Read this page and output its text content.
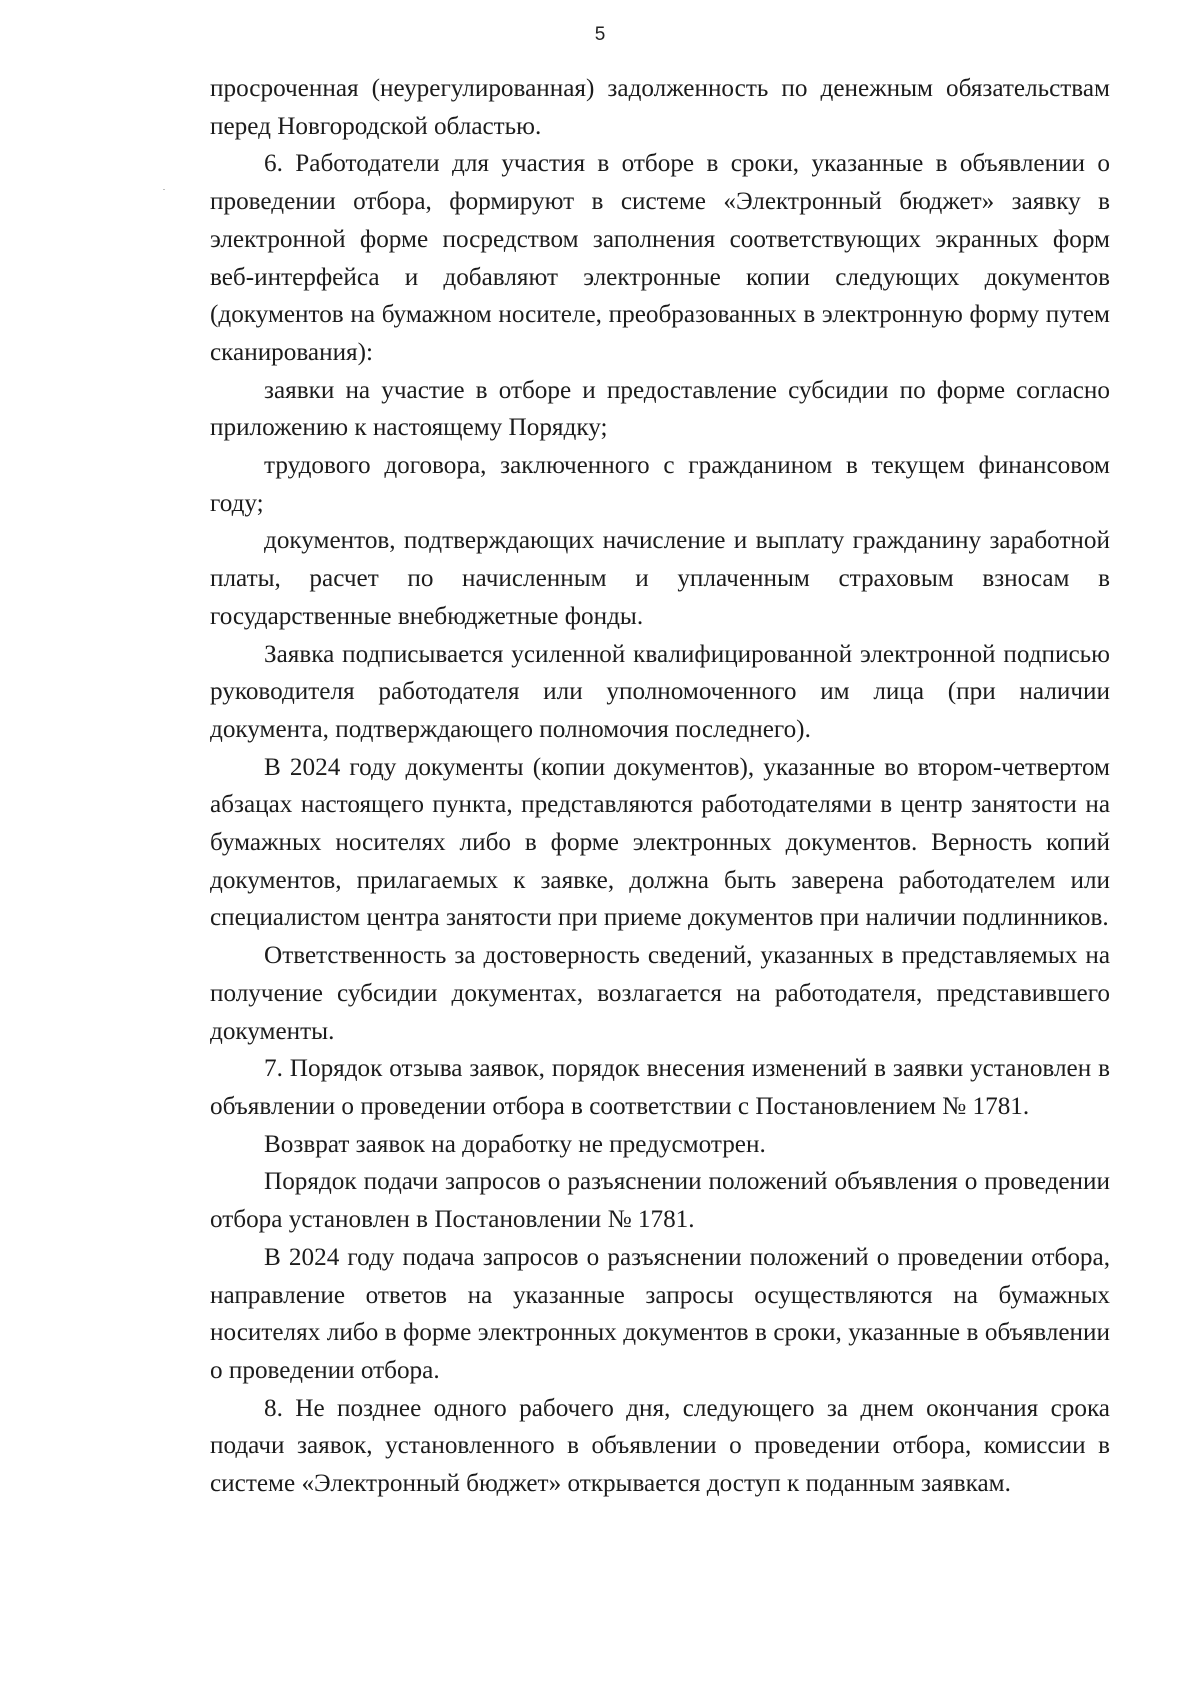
5

просроченная (неурегулированная) задолженность по денежным обязательствам перед Новгородской областью.

6. Работодатели для участия в отборе в сроки, указанные в объявлении о проведении отбора, формируют в системе «Электронный бюджет» заявку в электронной форме посредством заполнения соответствующих экранных форм веб-интерфейса и добавляют электронные копии следующих документов (документов на бумажном носителе, преобразованных в электронную форму путем сканирования):

заявки на участие в отборе и предоставление субсидии по форме согласно приложению к настоящему Порядку;

трудового договора, заключенного с гражданином в текущем финансовом году;

документов, подтверждающих начисление и выплату гражданину заработной платы, расчет по начисленным и уплаченным страховым взносам в государственные внебюджетные фонды.

Заявка подписывается усиленной квалифицированной электронной подписью руководителя работодателя или уполномоченного им лица (при наличии документа, подтверждающего полномочия последнего).

В 2024 году документы (копии документов), указанные во втором-четвертом абзацах настоящего пункта, представляются работодателями в центр занятости на бумажных носителях либо в форме электронных документов. Верность копий документов, прилагаемых к заявке, должна быть заверена работодателем или специалистом центра занятости при приеме документов при наличии подлинников.

Ответственность за достоверность сведений, указанных в представляемых на получение субсидии документах, возлагается на работодателя, представившего документы.

7. Порядок отзыва заявок, порядок внесения изменений в заявки установлен в объявлении о проведении отбора в соответствии с Постановлением № 1781.

Возврат заявок на доработку не предусмотрен.

Порядок подачи запросов о разъяснении положений объявления о проведении отбора установлен в Постановлении № 1781.

В 2024 году подача запросов о разъяснении положений о проведении отбора, направление ответов на указанные запросы осуществляются на бумажных носителях либо в форме электронных документов в сроки, указанные в объявлении о проведении отбора.

8. Не позднее одного рабочего дня, следующего за днем окончания срока подачи заявок, установленного в объявлении о проведении отбора, комиссии в системе «Электронный бюджет» открывается доступ к поданным заявкам.
